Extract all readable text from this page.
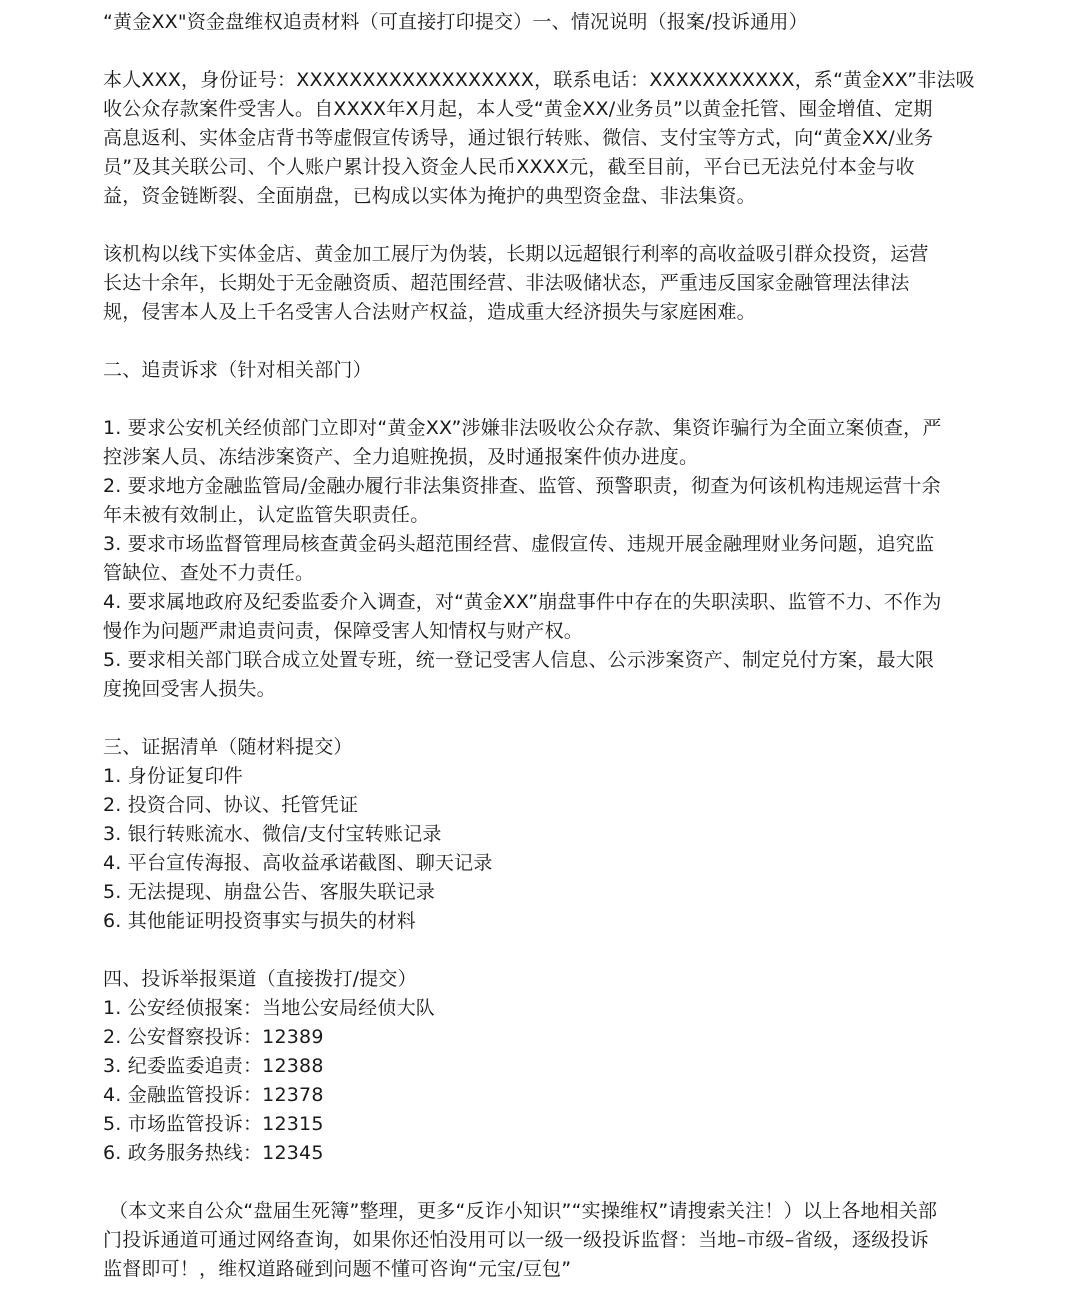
“黄金XX"资金盘维权追责材料（可直接打印提交）一、情况说明（报案/投诉通用）

本人XXX，身份证号：XXXXXXXXXXXXXXXXXX，联系电话：XXXXXXXXXXX，系“黄金XX”非法吸

收公众存款案件受害人。自XXXX年X月起，本人受“黄金XX/业务员”以黄金托管、囤金增值、定期

高息返利、实体金店背书等虚假宣传诱导，通过银行转账、微信、支付宝等方式，向“黄金XX/业务

员”及其关联公司、个人账户累计投入资金人民币XXXX元，截至目前，平台已无法兑付本金与收

益，资金链断裂、全面崩盘，已构成以实体为掩护的典型资金盘、非法集资。

该机构以线下实体金店、黄金加工展厅为伪装，长期以远超银行利率的高收益吸引群众投资，运营

长达十余年，长期处于无金融资质、超范围经营、非法吸储状态，严重违反国家金融管理法律法

规，侵害本人及上千名受害人合法财产权益，造成重大经济损失与家庭困难。

二、追责诉求（针对相关部门）

1. 要求公安机关经侦部门立即对“黄金XX”涉嫌非法吸收公众存款、集资诈骗行为全面立案侦查，严

控涉案人员、冻结涉案资产、全力追赃挽损，及时通报案件侦办进度。

2. 要求地方金融监管局/金融办履行非法集资排查、监管、预警职责，彻查为何该机构违规运营十余

年未被有效制止，认定监管失职责任。

3. 要求市场监督管理局核查黄金码头超范围经营、虚假宣传、违规开展金融理财业务问题，追究监

管缺位、查处不力责任。

4. 要求属地政府及纪委监委介入调查，对“黄金XX”崩盘事件中存在的失职渎职、监管不力、不作为

慢作为问题严肃追责问责，保障受害人知情权与财产权。

5. 要求相关部门联合成立处置专班，统一登记受害人信息、公示涉案资产、制定兑付方案，最大限

度挽回受害人损失。

三、证据清单（随材料提交）

1. 身份证复印件

2. 投资合同、协议、托管凭证

3. 银行转账流水、微信/支付宝转账记录

4. 平台宣传海报、高收益承诺截图、聊天记录

5. 无法提现、崩盘公告、客服失联记录

6. 其他能证明投资事实与损失的材料

四、投诉举报渠道（直接拨打/提交）

1. 公安经侦报案：当地公安局经侦大队

2. 公安督察投诉：12389

3. 纪委监委追责：12388

4. 金融监管投诉：12378

5. 市场监管投诉：12315

6. 政务服务热线：12345

（本文来自公众“盘届生死簿”整理，更多“反诈小知识”“实操维权”请搜索关注！）以上各地相关部

门投诉通道可通过网络查询，如果你还怕没用可以一级一级投诉监督：当地–市级–省级，逐级投诉

监督即可！，维权道路碰到问题不懂可咨询“元宝/豆包”
